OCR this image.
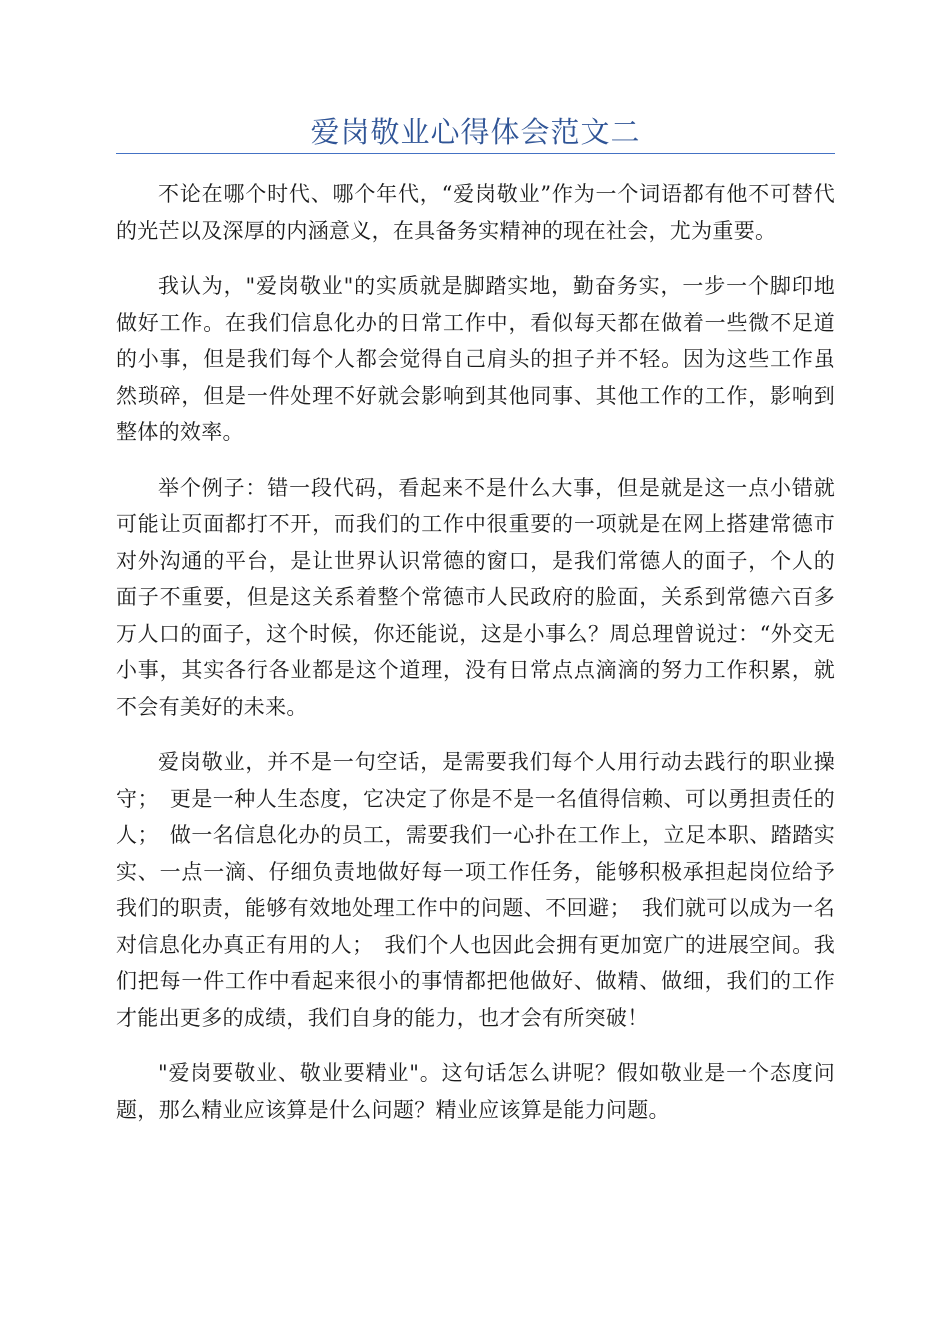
爱岗敬业心得体会范文二

不论在哪个时代、哪个年代，“爱岗敬业”作为一个词语都有他不可替代的光芒以及深厚的内涵意义，在具备务实精神的现在社会，尤为重要。

我认为，"爱岗敬业"的实质就是脚踏实地，勤奋务实，一步一个脚印地做好工作。在我们信息化办的日常工作中，看似每天都在做着一些微不足道的小事，但是我们每个人都会觉得自己肩头的担子并不轻。因为这些工作虽然琐碎，但是一件处理不好就会影响到其他同事、其他工作的工作，影响到整体的效率。

举个例子：错一段代码，看起来不是什么大事，但是就是这一点小错就可能让页面都打不开，而我们的工作中很重要的一项就是在网上搭建常德市对外沟通的平台，是让世界认识常德的窗口，是我们常德人的面子，个人的面子不重要，但是这关系着整个常德市人民政府的脸面，关系到常德六百多万人口的面子，这个时候，你还能说，这是小事么？周总理曾说过：“外交无小事，其实各行各业都是这个道理，没有日常点点滴滴的努力工作积累，就不会有美好的未来。

爱岗敬业，并不是一句空话，是需要我们每个人用行动去践行的职业操守；　更是一种人生态度，它决定了你是不是一名值得信赖、可以勇担责任的人；　做一名信息化办的员工，需要我们一心扑在工作上，立足本职、踏踏实实、一点一滴、仔细负责地做好每一项工作任务，能够积极承担起岗位给予我们的职责，能够有效地处理工作中的问题、不回避；　我们就可以成为一名对信息化办真正有用的人；　我们个人也因此会拥有更加宽广的进展空间。我们把每一件工作中看起来很小的事情都把他做好、做精、做细，我们的工作才能出更多的成绩，我们自身的能力，也才会有所突破！

"爱岗要敬业、敬业要精业"。这句话怎么讲呢？假如敬业是一个态度问题，那么精业应该算是什么问题？精业应该算是能力问题。
